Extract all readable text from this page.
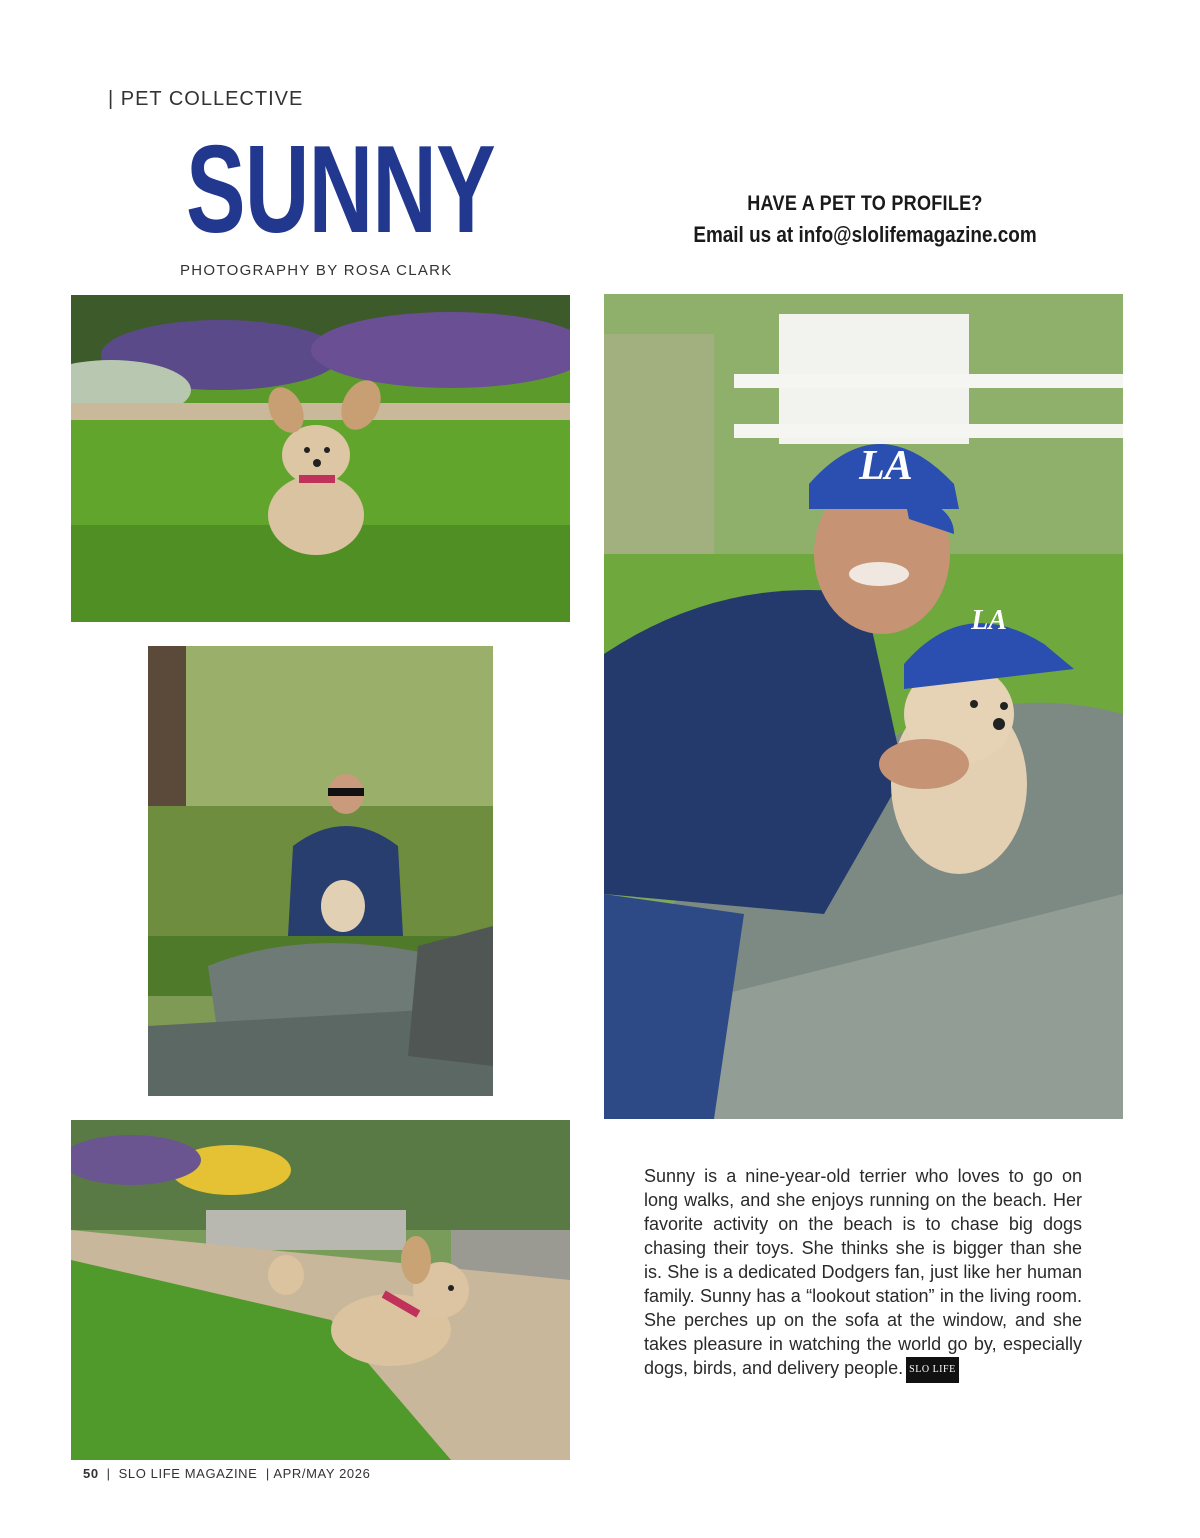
| PET COLLECTIVE
SUNNY
PHOTOGRAPHY BY ROSA CLARK
HAVE A PET TO PROFILE?
Email us at info@slolifemagazine.com
LA
LA

Sunny is a nine-year-old terrier who loves to go on long walks, and she enjoys running on the beach. Her favorite activity on the beach is to chase big dogs chasing their toys. She thinks she is bigger than she is. She is a dedicated Dodgers fan, just like her human family. Sunny has a “lookout station” in the living room. She perches up on the sofa at the window, and she takes pleasure in watching the world go by, especially dogs, birds, and delivery people. SLO LIFE

50 | SLO LIFE MAGAZINE | APR/MAY 2026
